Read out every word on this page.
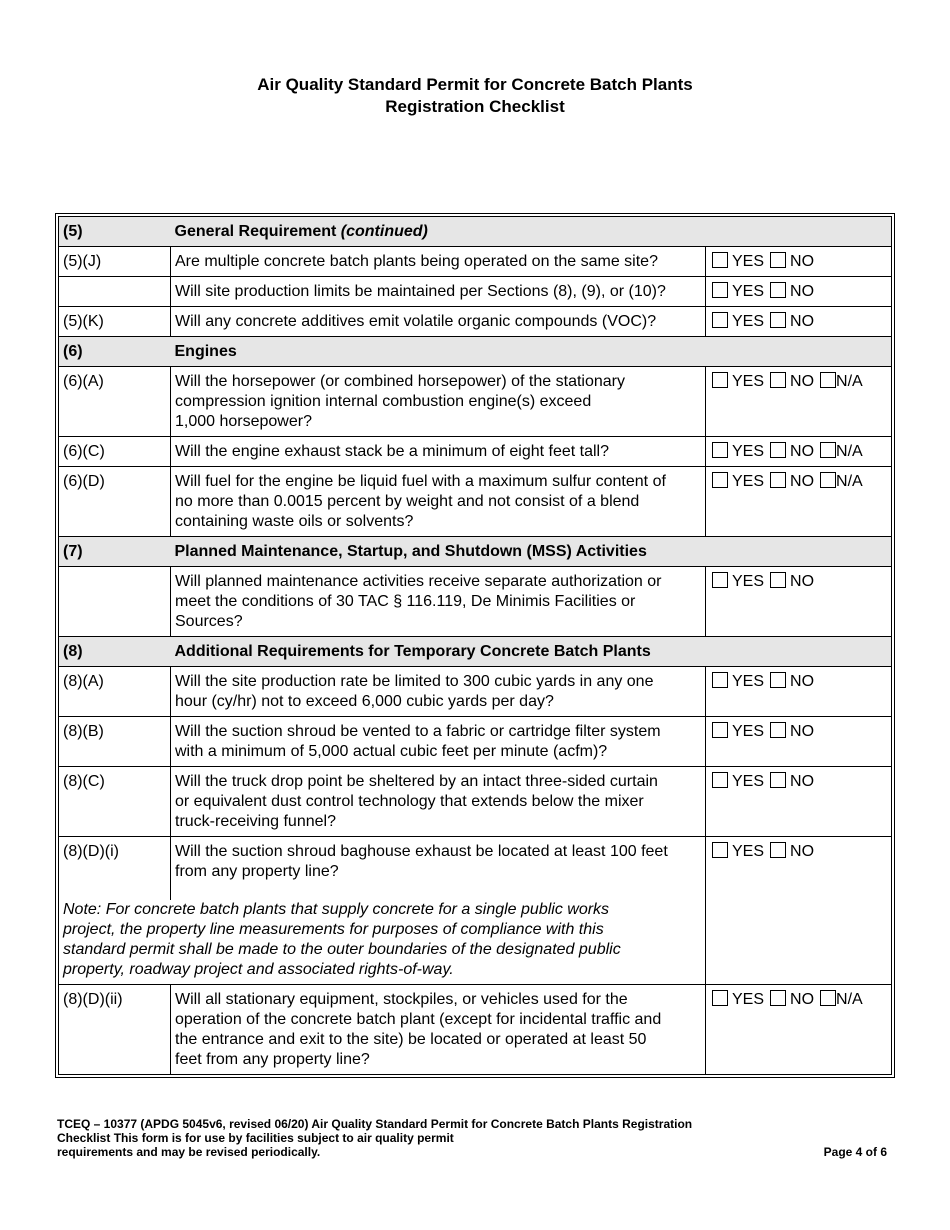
Air Quality Standard Permit for Concrete Batch Plants
Registration Checklist
(5)	General Requirement (continued)	
(5)(J)	Are multiple concrete batch plants being operated on the same site?	YES NO
	Will site production limits be maintained per Sections (8), (9), or (10)?	YES NO
(5)(K)	Will any concrete additives emit volatile organic compounds (VOC)?	YES NO
(6)	Engines	
(6)(A)	Will the horsepower (or combined horsepower) of the stationary
compression ignition internal combustion engine(s) exceed
1,000 horsepower?	YES NO N/A
(6)(C)	Will the engine exhaust stack be a minimum of eight feet tall?	YES NO N/A
(6)(D)	Will fuel for the engine be liquid fuel with a maximum sulfur content of
no more than 0.0015 percent by weight and not consist of a blend
containing waste oils or solvents?	YES NO N/A
(7)	Planned Maintenance, Startup, and Shutdown (MSS) Activities	

	Will planned maintenance activities receive separate authorization or
meet the conditions of 30 TAC § 116.119, De Minimis Facilities or
Sources?	YES NO
(8)	Additional Requirements for Temporary Concrete Batch Plants	
(8)(A)	Will the site production rate be limited to 300 cubic yards in any one
hour (cy/hr) not to exceed 6,000 cubic yards per day?	YES NO
(8)(B)	Will the suction shroud be vented to a fabric or cartridge filter system
with a minimum of 5,000 actual cubic feet per minute (acfm)?	YES NO
(8)(C)	Will the truck drop point be sheltered by an intact three-sided curtain
or equivalent dust control technology that extends below the mixer
truck-receiving funnel?	YES NO
(8)(D)(i)	Will the suction shroud baghouse exhaust be located at least 100 feet
from any property line?	YES NO

Note: For concrete batch plants that supply concrete for a single public works
project, the property line measurements for purposes of compliance with this
standard permit shall be made to the outer boundaries of the designated public
property, roadway project and associated rights-of-way.		

(8)(D)(ii)	Will all stationary equipment, stockpiles, or vehicles used for the
operation of the concrete batch plant (except for incidental traffic and
the entrance and exit to the site) be located or operated at least 50
feet from any property line?	YES NO N/A
TCEQ – 10377 (APDG 5045v6, revised 06/20) Air Quality Standard Permit for Concrete Batch Plants Registration
Checklist This form is for use by facilities subject to air quality permit
requirements and may be revised periodically.	Page 4 of 6
